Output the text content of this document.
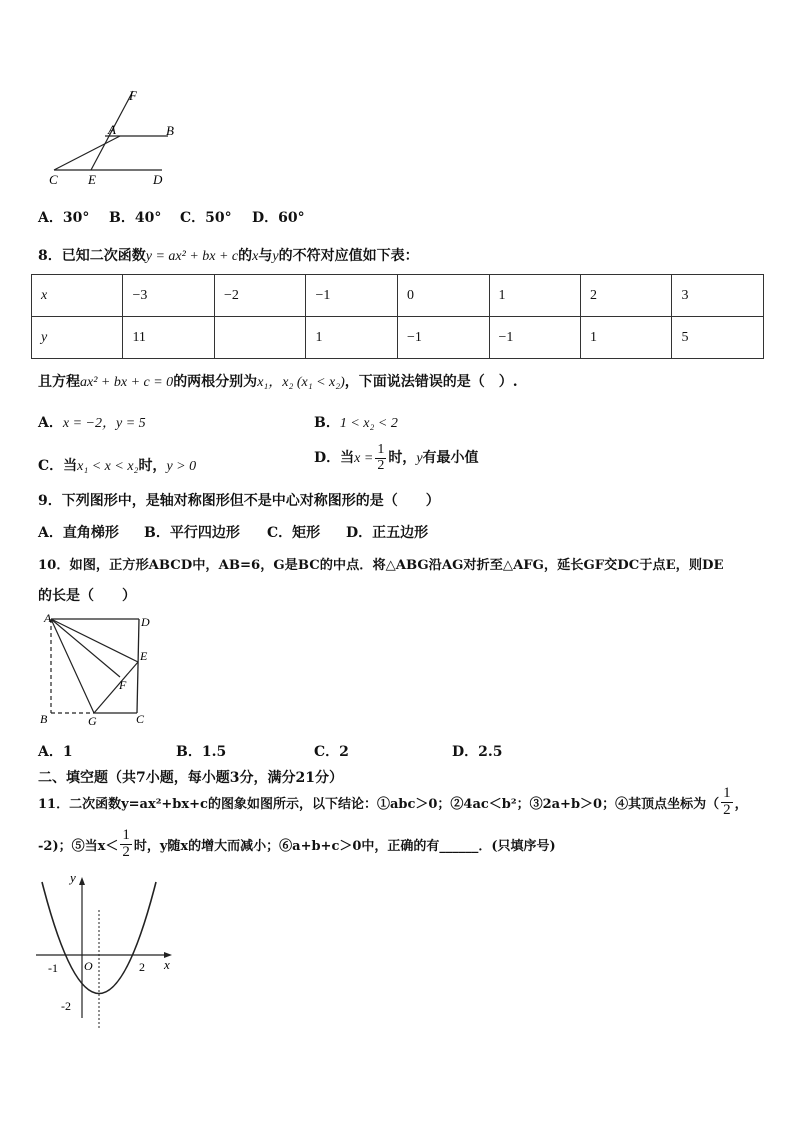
F
A	B
C E	D
A．30° B．40° C．50° D．60°
8．已知二次函数y = ax² + bx + c的x与y的不符对应值如下表：
x	−3	−2	−1	0	1	2	3
y	11		1	−1	−1	1	5
且方程ax² + bx + c = 0的两根分别为x₁，x₂ (x₁ < x₂)，下面说法错误的是（　）.
A．x = −2，y = 5	B．1 < x₂ < 2
C．当x₁ < x < x₂时，y > 0
D．当$x = \frac{1}{2}$ 时，y有最小值
9．下列图形中，是轴对称图形但不是中心对称图形的是（　　）
A．直角梯形 B．平行四边形 C．矩形 D．正五边形
10．如图，正方形ABCD中，AB=6，G是BC的中点．将△ABG沿AG对折至△AFG，延长GF交DC于点E，则DE
的长是（　　）
A	D
E
F
B	G	C
A．1	B．1.5	C．2	D．2.5
二、填空题（共7小题，每小题3分，满分21分）
11．二次函数y=ax²+bx+c的图象如图所示，以下结论：①abc＞0；②4ac＜b²；③2a+b＞0；④其顶点坐标为（ $\frac{1}{2}$ ，
-2)；⑤当$x< \frac{1}{2}$ 时，y随x的增大而减小；⑥a+b+c＞0中，正确的有______．(只填序号)
y
x
O
-1	2
-2
